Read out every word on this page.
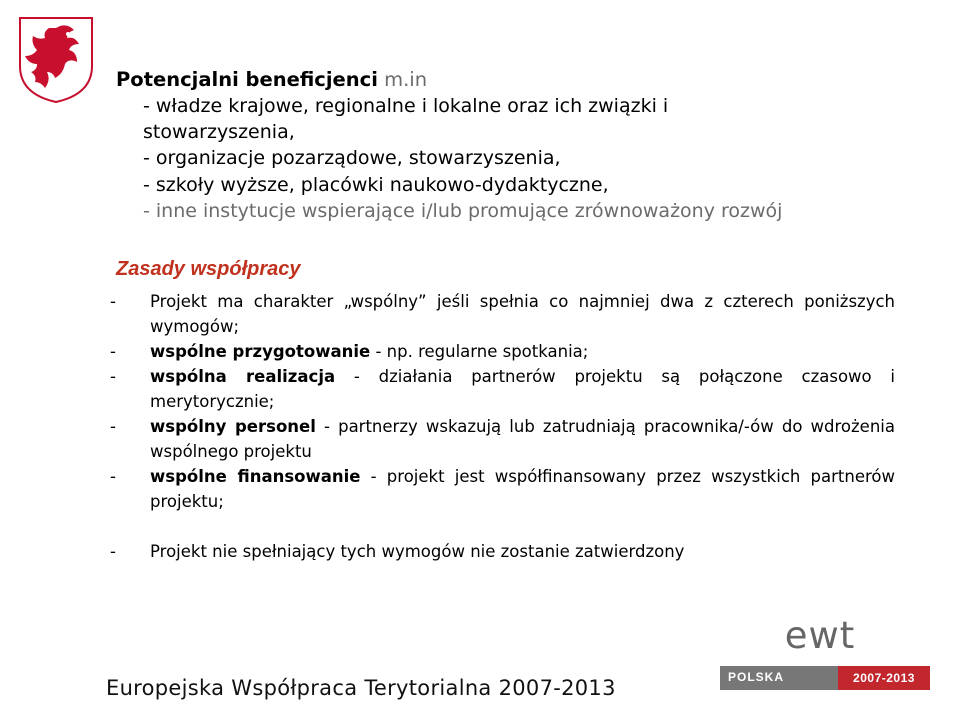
Potencjalni beneficjenci m.in
- władze krajowe, regionalne i lokalne oraz ich związki i
stowarzyszenia,
- organizacje pozarządowe, stowarzyszenia,
- szkoły wyższe, placówki naukowo-dydaktyczne,
- inne instytucje wspierające i/lub promujące zrównoważony rozwój
Zasady współpracy
-	Projekt ma charakter „wspólny” jeśli spełnia co najmniej dwa z czterech poniższych wymogów;
-	wspólne przygotowanie - np. regularne spotkania;
-	wspólna realizacja - działania partnerów projektu są połączone czasowo i merytorycznie;
-	wspólny personel - partnerzy wskazują lub zatrudniają pracownika/-ów do wdrożenia wspólnego projektu
-	wspólne finansowanie - projekt jest współfinansowany przez wszystkich partnerów projektu;
-	Projekt nie spełniający tych wymogów nie zostanie zatwierdzony
Europejska Współpraca Terytorialna 2007-2013
ewt
POLSKA	2007-2013
